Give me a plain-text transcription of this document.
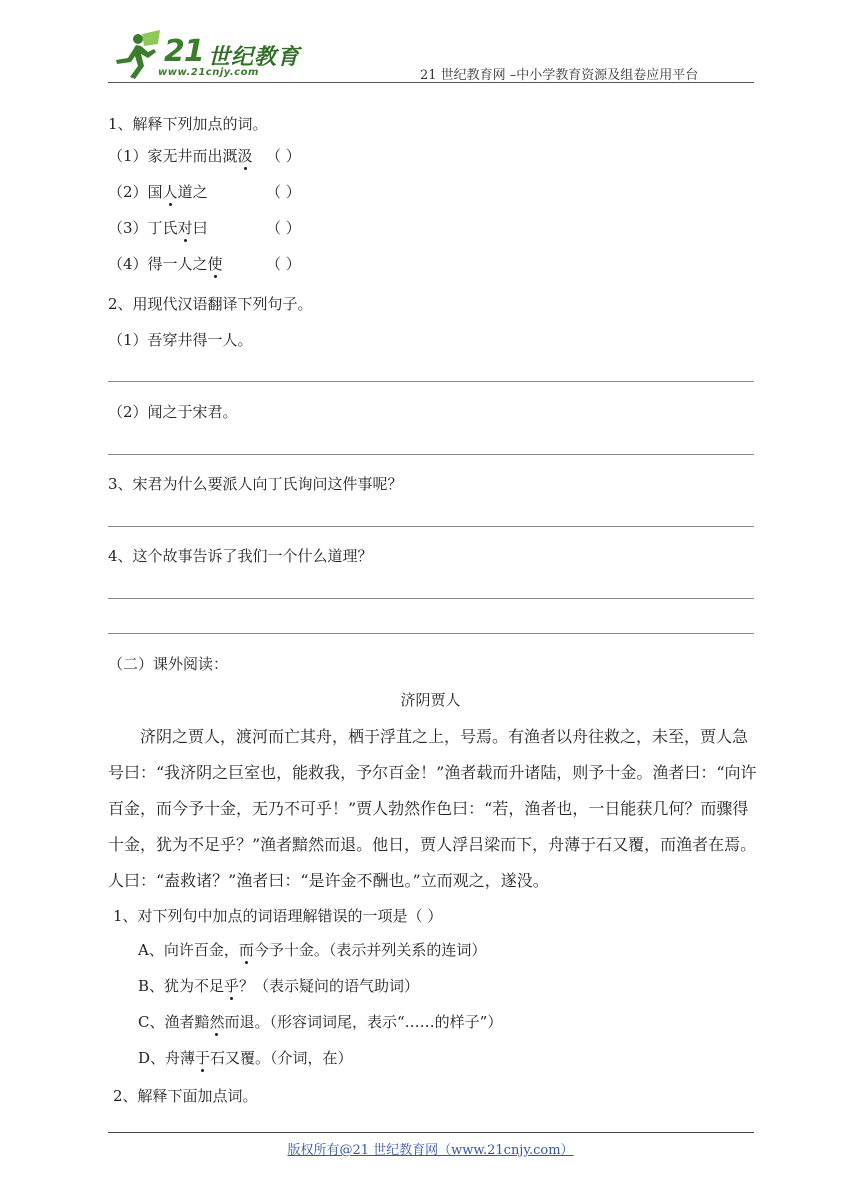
21 世纪教育
www.21cnjy.com	21 世纪教育网 –中小学教育资源及组卷应用平台
1、解释下列加点的词。
（1）家无井而出溉汲 （ ）
（2）国人道之	（ ）
（3）丁氏对曰	（ ）
（4）得一人之使	（ ）
2、用现代汉语翻译下列句子。
（1）吾穿井得一人。
（2）闻之于宋君。
3、宋君为什么要派人向丁氏询问这件事呢？
4、这个故事告诉了我们一个什么道理？
（二）课外阅读：
济阴贾人
济阴之贾人，渡河而亡其舟，栖于浮苴之上，号焉。有渔者以舟往救之，未至，贾人急
号曰：“我济阴之巨室也，能救我，予尔百金！”渔者载而升诸陆，则予十金。渔者曰：“向许
百金，而今予十金，无乃不可乎！”贾人勃然作色曰：“若，渔者也，一日能获几何？而骤得
十金，犹为不足乎？”渔者黯然而退。他日，贾人浮吕梁而下，舟薄于石又覆，而渔者在焉。
人曰：“盍救诸？”渔者曰：“是许金不酬也。”立而观之，遂没。
1、对下列句中加点的词语理解错误的一项是（ ）
A、向许百金，而今予十金。（表示并列关系的连词）
B、犹为不足乎？（表示疑问的语气助词）
C、渔者黯然而退。（形容词词尾，表示“……的样子”）
D、舟薄于石又覆。（介词，在）
2、解释下面加点词。
版权所有@21 世纪教育网（www.21cnjy.com）
